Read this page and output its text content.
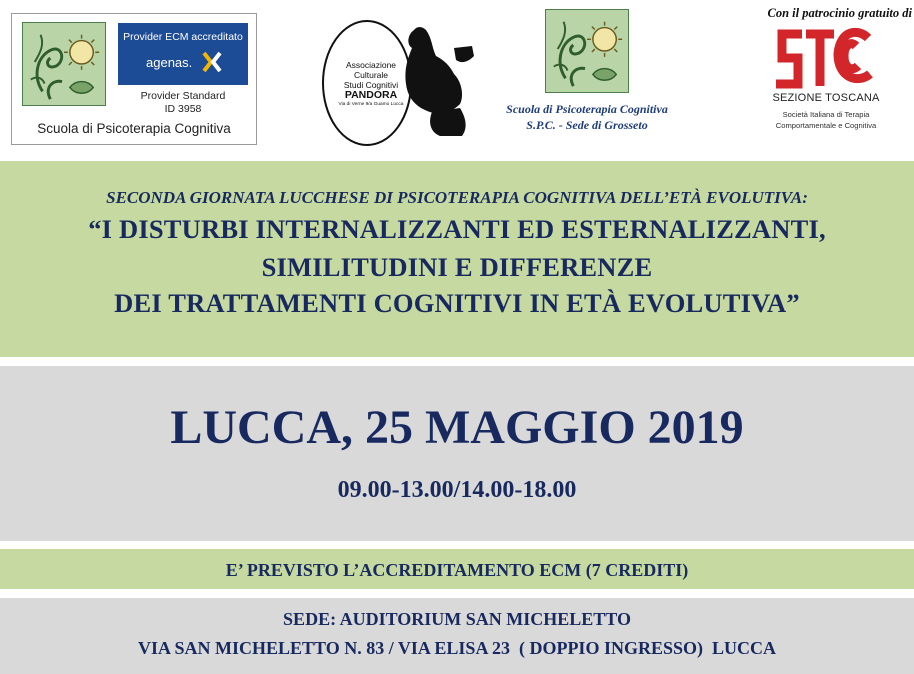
Provider ECM accreditato
agenas.
Provider Standard
ID 3958
Scuola di Psicoterapia Cognitiva
Associazione
Culturale
Studi Cognitivi
PANDORA
Via di Verne 9/a Guamo Lucca	Scuola di Psicoterapia Cognitiva
S.P.C. - Sede di Grosseto
Con il patrocinio gratuito di
SEZIONE TOSCANA
Società Italiana di Terapia
Comportamentale e Cognitiva
SECONDA GIORNATA LUCCHESE DI PSICOTERAPIA COGNITIVA DELL’ETÀ EVOLUTIVA:
“I DISTURBI INTERNALIZZANTI ED ESTERNALIZZANTI,
SIMILITUDINI E DIFFERENZE
DEI TRATTAMENTI COGNITIVI IN ETÀ EVOLUTIVA”
LUCCA, 25 MAGGIO 2019
09.00-13.00/14.00-18.00
E’ PREVISTO L’ACCREDITAMENTO ECM (7 CREDITI)
SEDE: AUDITORIUM SAN MICHELETTO
VIA SAN MICHELETTO N. 83 / VIA ELISA 23  ( DOPPIO INGRESSO)  LUCCA
